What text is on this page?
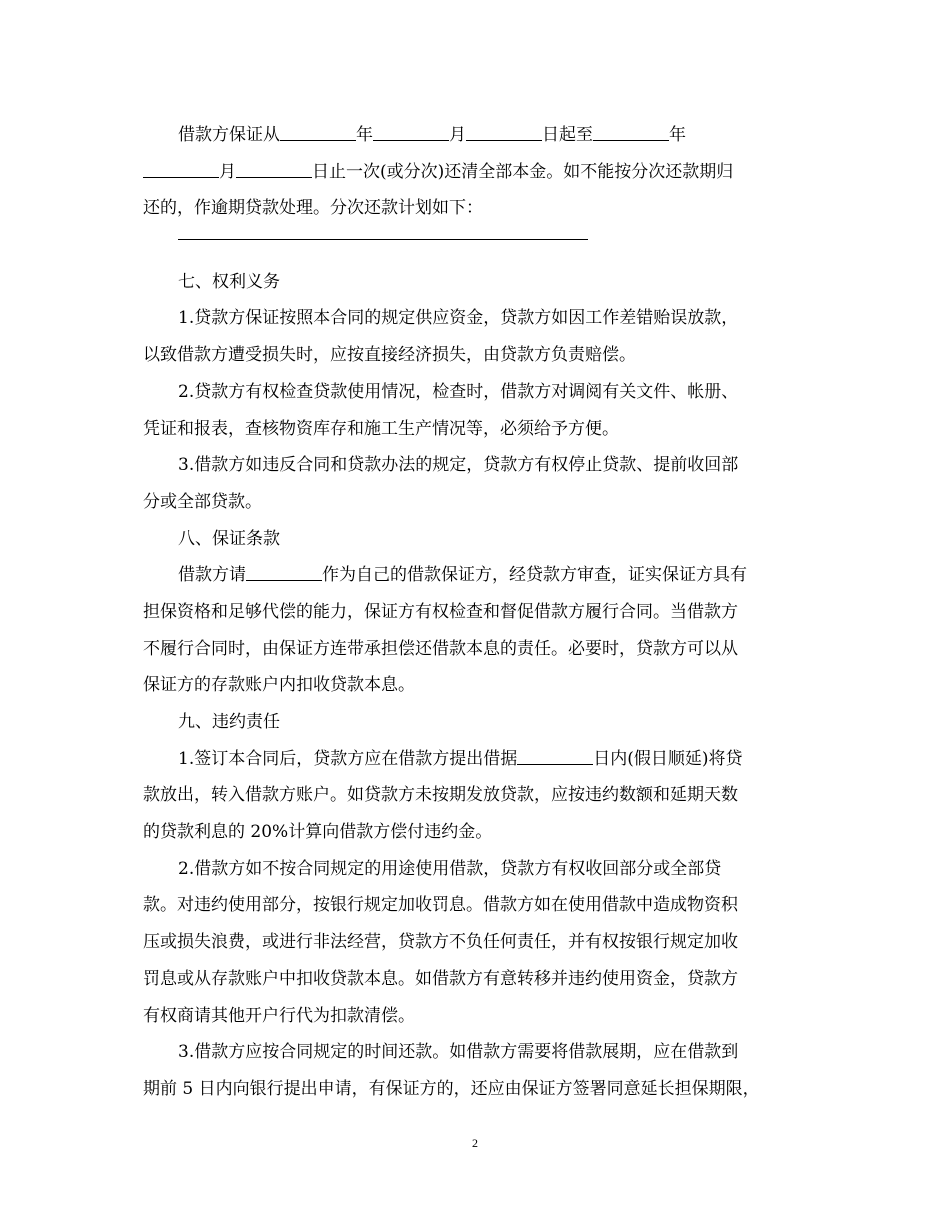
借款方保证从	年	月	日起至	年
月	日止一次(或分次)还清全部本金。如不能按分次还款期归
还的，作逾期贷款处理。分次还款计划如下：
七、权利义务
1.贷款方保证按照本合同的规定供应资金，贷款方如因工作差错贻误放款，
以致借款方遭受损失时，应按直接经济损失，由贷款方负责赔偿。
2.贷款方有权检查贷款使用情况，检查时，借款方对调阅有关文件、帐册、
凭证和报表，查核物资库存和施工生产情况等，必须给予方便。
3.借款方如违反合同和贷款办法的规定，贷款方有权停止贷款、提前收回部
分或全部贷款。
八、保证条款
借款方请	作为自己的借款保证方，经贷款方审查，证实保证方具有
担保资格和足够代偿的能力，保证方有权检查和督促借款方履行合同。当借款方
不履行合同时，由保证方连带承担偿还借款本息的责任。必要时，贷款方可以从
保证方的存款账户内扣收贷款本息。
九、违约责任
1.签订本合同后，贷款方应在借款方提出借据	日内(假日顺延)将贷
款放出，转入借款方账户。如贷款方未按期发放贷款，应按违约数额和延期天数
的贷款利息的 20%计算向借款方偿付违约金。
2.借款方如不按合同规定的用途使用借款，贷款方有权收回部分或全部贷
款。对违约使用部分，按银行规定加收罚息。借款方如在使用借款中造成物资积
压或损失浪费，或进行非法经营，贷款方不负任何责任，并有权按银行规定加收
罚息或从存款账户中扣收贷款本息。如借款方有意转移并违约使用资金，贷款方
有权商请其他开户行代为扣款清偿。
3.借款方应按合同规定的时间还款。如借款方需要将借款展期，应在借款到
期前 5 日内向银行提出申请，有保证方的，还应由保证方签署同意延长担保期限，
2
